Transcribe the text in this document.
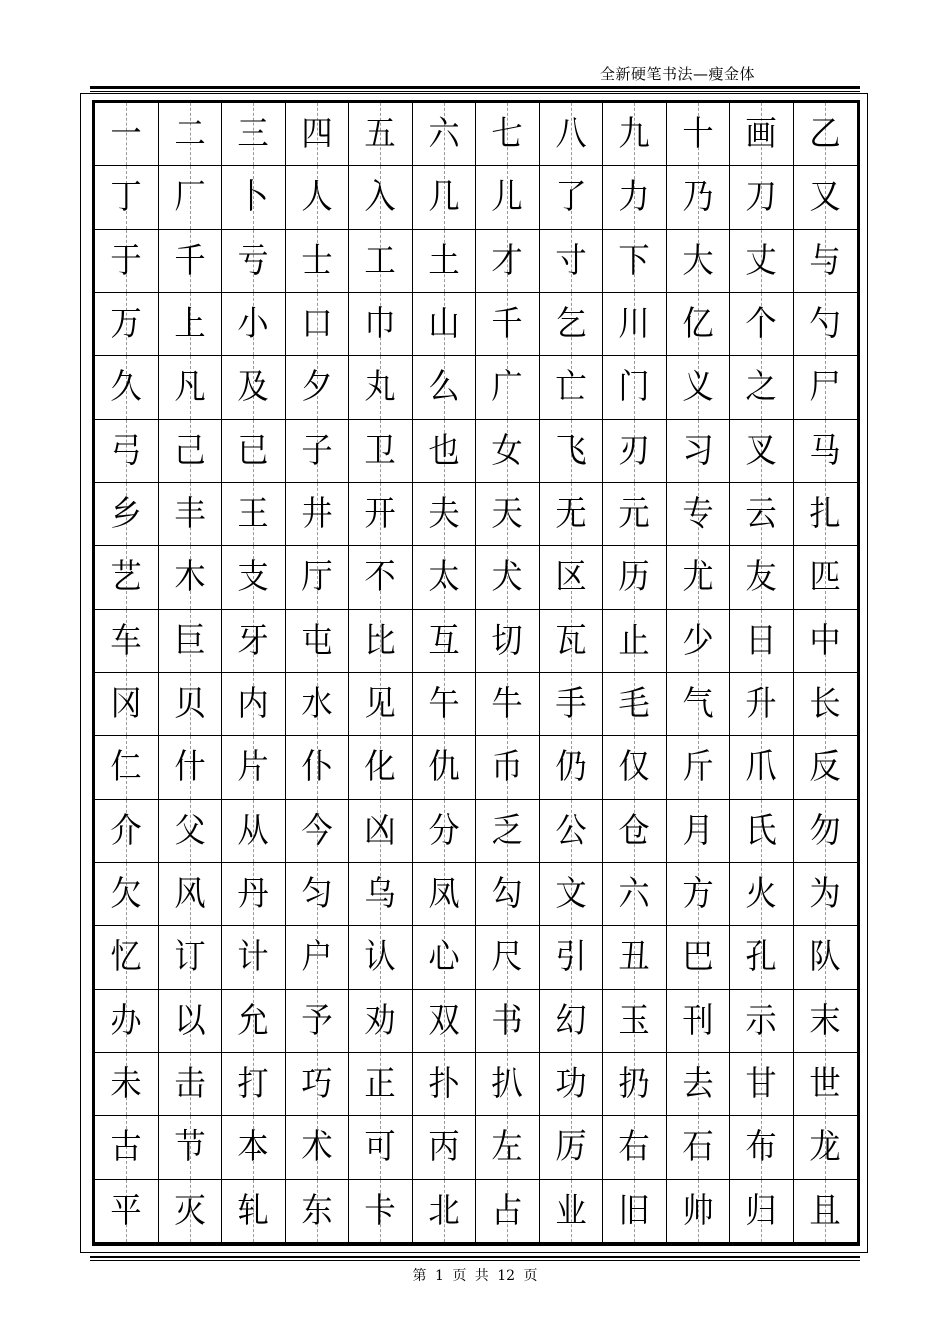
全新硬笔书法—瘦金体
一 二 三 四 五 六 七 八 九 十 画 乙
丁 厂 卜 人 入 几 儿 了 力 乃 刀 又
于 千 亏 士 工 土 才 寸 下 大 丈 与
万 上 小 口 巾 山 千 乞 川 亿 个 勺
久 凡 及 夕 丸 么 广 亡 门 义 之 尸
弓 己 已 子 卫 也 女 飞 刃 习 叉 马
乡 丰 王 井 开 夫 天 无 元 专 云 扎
艺 木 支 厅 不 太 犬 区 历 尤 友 匹
车 巨 牙 屯 比 互 切 瓦 止 少 日 中
冈 贝 内 水 见 午 牛 手 毛 气 升 长
仁 什 片 仆 化 仇 币 仍 仅 斤 爪 反
介 父 从 今 凶 分 乏 公 仓 月 氏 勿
欠 风 丹 匀 乌 凤 勾 文 六 方 火 为
忆 订 计 户 认 心 尺 引 丑 巴 孔 队
办 以 允 予 劝 双 书 幻 玉 刊 示 末
未 击 打 巧 正 扑 扒 功 扔 去 甘 世
古 节 本 术 可 丙 左 厉 右 石 布 龙
平 灭 轧 东 卡 北 占 业 旧 帅 归 且
第 1 页 共 12 页
